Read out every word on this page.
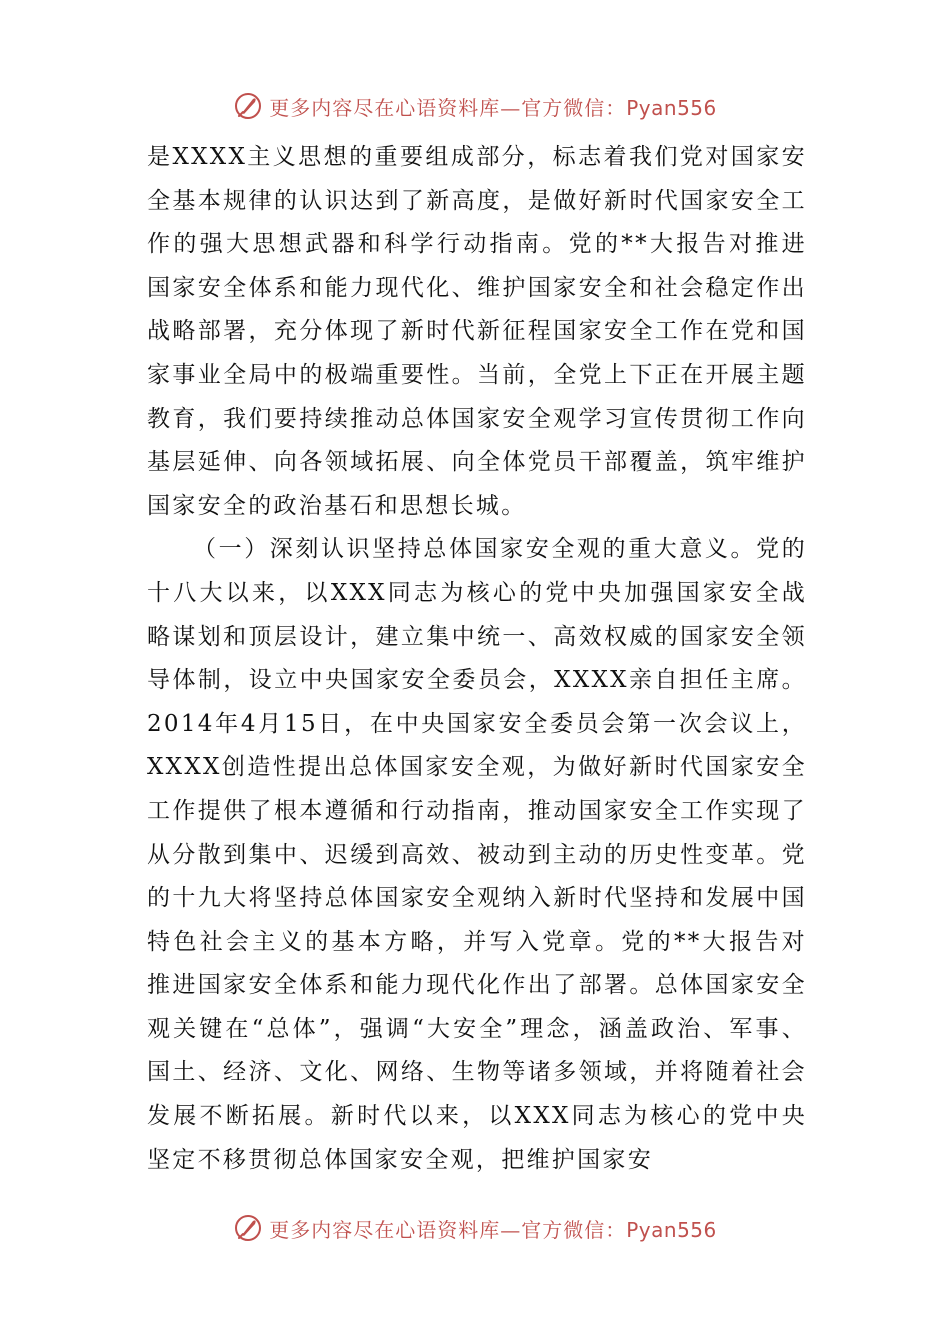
更多内容尽在心语资料库—官方微信：Pyan556

是XXXX主义思想的重要组成部分，标志着我们党对国家安全基本规律的认识达到了新高度，是做好新时代国家安全工作的强大思想武器和科学行动指南。党的**大报告对推进国家安全体系和能力现代化、维护国家安全和社会稳定作出战略部署，充分体现了新时代新征程国家安全工作在党和国家事业全局中的极端重要性。当前，全党上下正在开展主题教育，我们要持续推动总体国家安全观学习宣传贯彻工作向基层延伸、向各领域拓展、向全体党员干部覆盖，筑牢维护国家安全的政治基石和思想长城。

（一）深刻认识坚持总体国家安全观的重大意义。党的十八大以来，以XXX同志为核心的党中央加强国家安全战略谋划和顶层设计，建立集中统一、高效权威的国家安全领导体制，设立中央国家安全委员会，XXXX亲自担任主席。2014年4月15日，在中央国家安全委员会第一次会议上，XXXX创造性提出总体国家安全观，为做好新时代国家安全工作提供了根本遵循和行动指南，推动国家安全工作实现了从分散到集中、迟缓到高效、被动到主动的历史性变革。党的十九大将坚持总体国家安全观纳入新时代坚持和发展中国特色社会主义的基本方略，并写入党章。党的**大报告对推进国家安全体系和能力现代化作出了部署。总体国家安全观关键在“总体”，强调“大安全”理念，涵盖政治、军事、国土、经济、文化、网络、生物等诸多领域，并将随着社会发展不断拓展。新时代以来，以XXX同志为核心的党中央坚定不移贯彻总体国家安全观，把维护国家安

更多内容尽在心语资料库—官方微信：Pyan556
